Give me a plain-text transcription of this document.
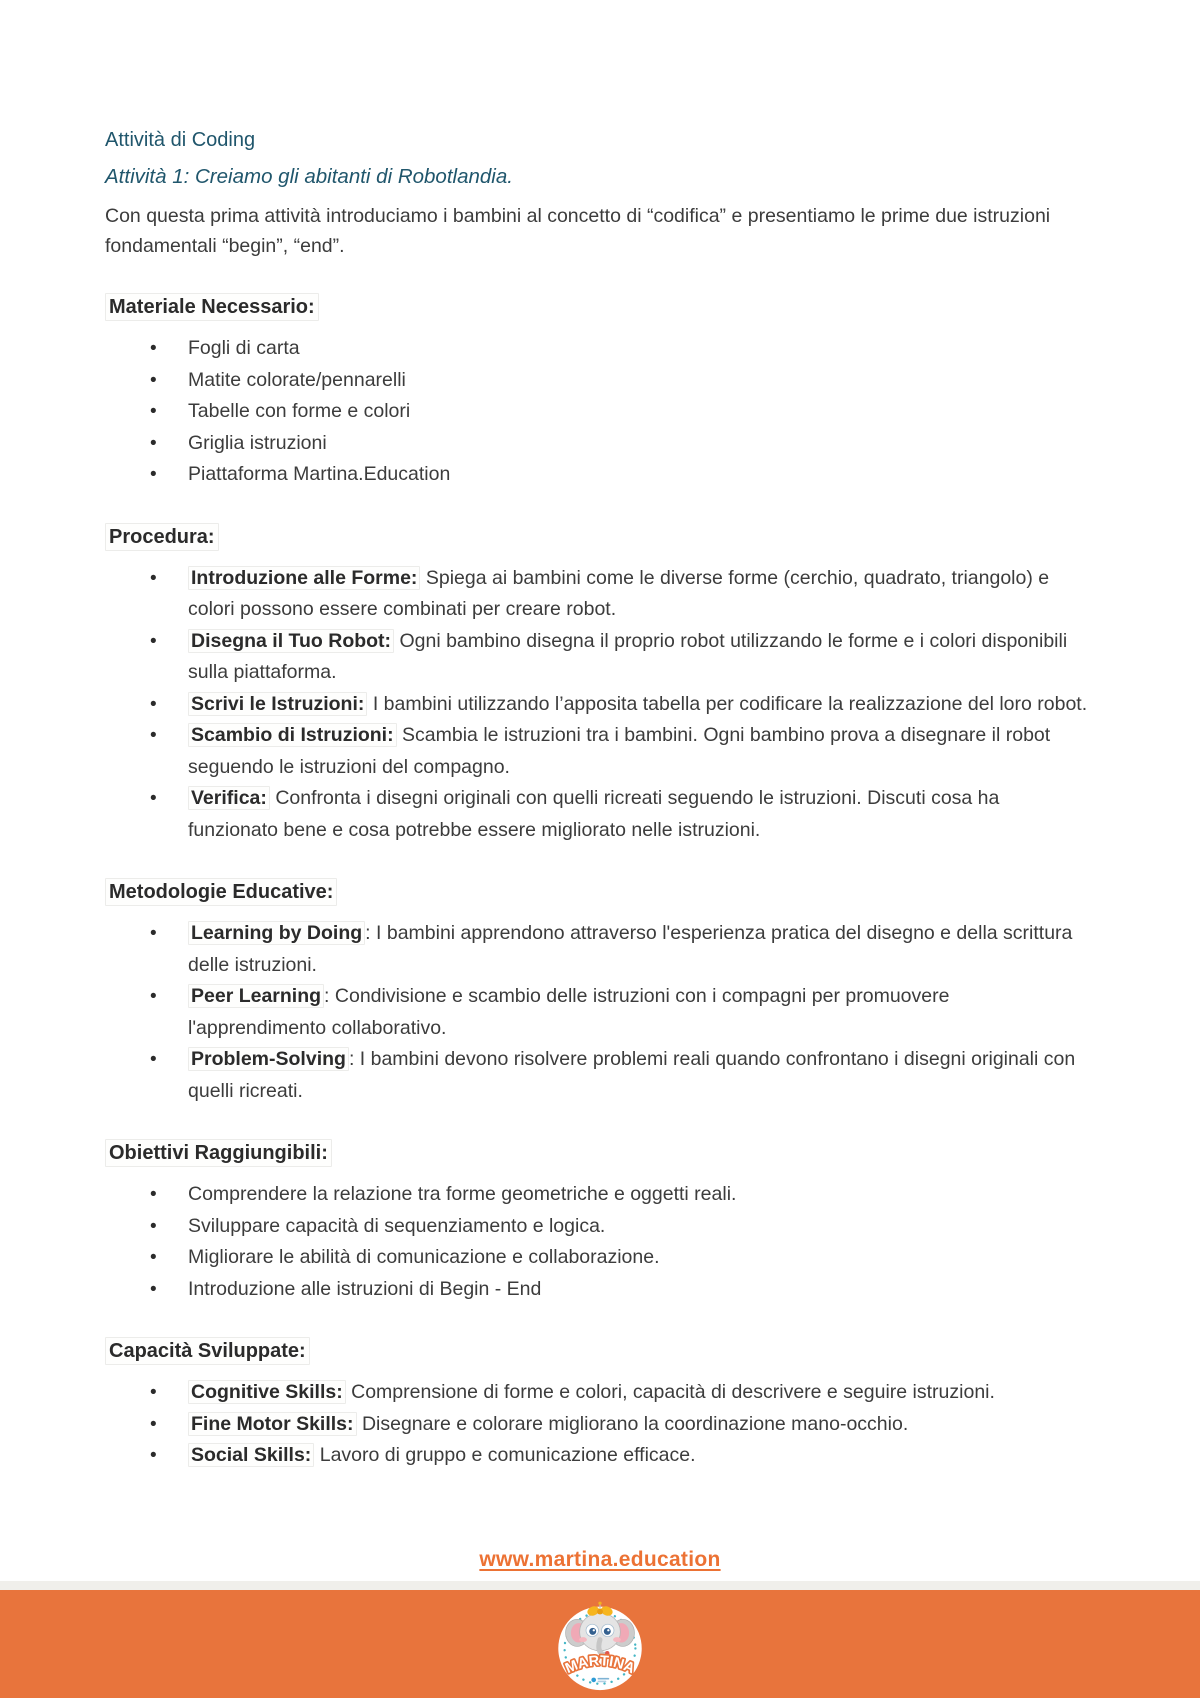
Attività di Coding
Attività 1: Creiamo gli abitanti di Robotlandia.

Con questa prima attività introduciamo i bambini al concetto di “codifica” e presentiamo le prime due istruzioni fondamentali “begin”, “end”.

Materiale Necessario:

• Fogli di carta
• Matite colorate/pennarelli
• Tabelle con forme e colori
• Griglia istruzioni
• Piattaforma Martina.Education
Procedura:

• Introduzione alle Forme: Spiega ai bambini come le diverse forme (cerchio, quadrato, triangolo) e colori possono essere combinati per creare robot.
• Disegna il Tuo Robot: Ogni bambino disegna il proprio robot utilizzando le forme e i colori disponibili sulla piattaforma.
• Scrivi le Istruzioni: I bambini utilizzando l’apposita tabella per codificare la realizzazione del loro robot.
• Scambio di Istruzioni: Scambia le istruzioni tra i bambini. Ogni bambino prova a disegnare il robot seguendo le istruzioni del compagno.
• Verifica: Confronta i disegni originali con quelli ricreati seguendo le istruzioni. Discuti cosa ha funzionato bene e cosa potrebbe essere migliorato nelle istruzioni.
Metodologie Educative:

• Learning by Doing : I bambini apprendono attraverso l'esperienza pratica del disegno e della scrittura delle istruzioni.
• Peer Learning : Condivisione e scambio delle istruzioni con i compagni per promuovere l'apprendimento collaborativo.
• Problem-Solving : I bambini devono risolvere problemi reali quando confrontano i disegni originali con quelli ricreati.
Obiettivi Raggiungibili:

• Comprendere la relazione tra forme geometriche e oggetti reali.
• Sviluppare capacità di sequenziamento e logica.
• Migliorare le abilità di comunicazione e collaborazione.
• Introduzione alle istruzioni di Begin - End
Capacità Sviluppate:

• Cognitive Skills: Comprensione di forme e colori, capacità di descrivere e seguire istruzioni.
• Fine Motor Skills: Disegnare e colorare migliorano la coordinazione mano-occhio.
• Social Skills: Lavoro di gruppo e comunicazione efficace.
www.martina.education
MARTINA
